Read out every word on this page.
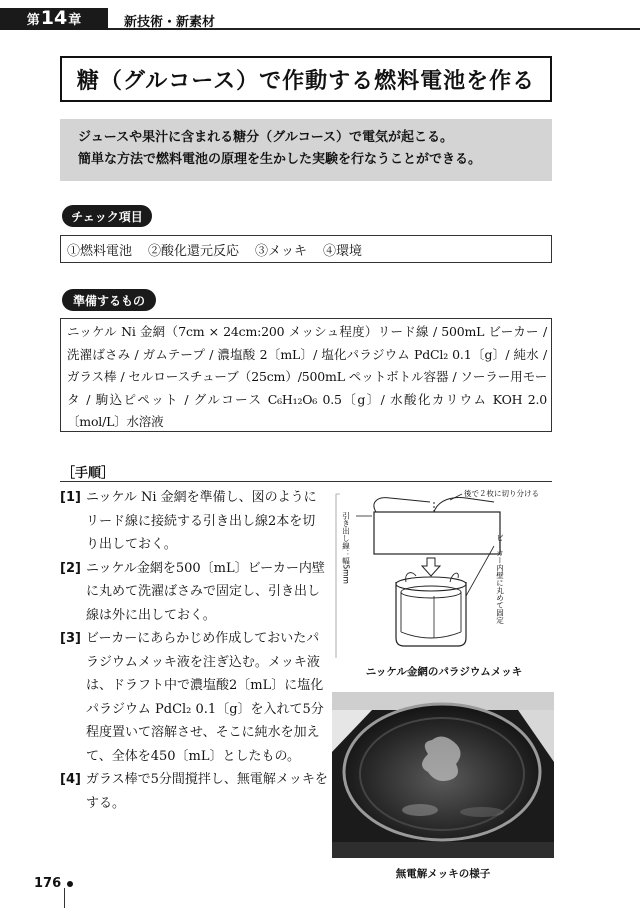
第 14 章	新技術・新素材
糖（グルコース）で作動する燃料電池を作る
ジュースや果汁に含まれる糖分（グルコース）で電気が起こる。
簡単な方法で燃料電池の原理を生かした実験を行なうことができる。
チェック項目
①燃料電池 ②酸化還元反応 ③メッキ ④環境
準備するもの
ニッケル Ni 金網（7cm × 24cm:200 メッシュ程度）リード線 / 500mL ビーカー / 洗濯ばさみ / ガムテープ / 濃塩酸 2〔mL〕/ 塩化パラジウム PdCl₂ 0.1〔g〕/ 純水 / ガラス棒 / セルロースチューブ（25cm）/500mL ペットボトル容器 / ソーラー用モータ / 駒込ピペット / グルコース C₆H₁₂O₆ 0.5〔g〕/ 水酸化カリウム KOH 2.0〔mol/L〕水溶液
［手順］
[1] ニッケル Ni 金網を準備し、図のようにリード線に接続する引き出し線2本を切り出しておく。

[2] ニッケル金網を500〔mL〕ビーカー内壁に丸めて洗濯ばさみで固定し、引き出し線は外に出しておく。

[3] ビーカーにあらかじめ作成しておいたパラジウムメッキ液を注ぎ込む。メッキ液は、ドラフト中で濃塩酸2〔mL〕に塩化パラジウム PdCl₂ 0.1〔g〕を入れて5分程度置いて溶解させ、そこに純水を加えて、全体を450〔mL〕としたもの。

[4] ガラス棒で5分間撹拌し、無電解メッキをする。

後で２枚に切り分ける
引き出し線：幅5mm	ビーカー内壁に丸めて固定
ニッケル金網のパラジウムメッキ
無電解メッキの様子
176
